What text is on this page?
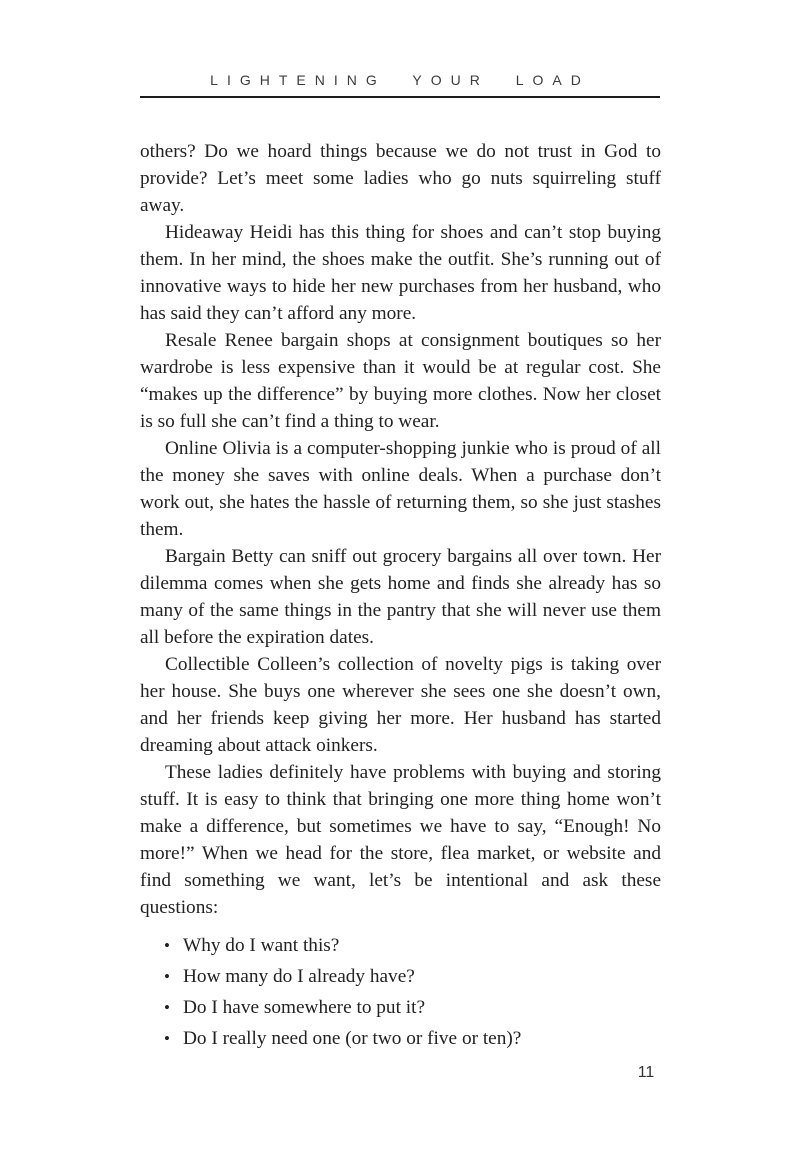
LIGHTENING YOUR LOAD

others? Do we hoard things because we do not trust in God to provide? Let’s meet some ladies who go nuts squirreling stuff away.

Hideaway Heidi has this thing for shoes and can’t stop buying them. In her mind, the shoes make the outfit. She’s running out of innovative ways to hide her new purchases from her husband, who has said they can’t afford any more.

Resale Renee bargain shops at consignment boutiques so her wardrobe is less expensive than it would be at regular cost. She “makes up the difference” by buying more clothes. Now her closet is so full she can’t find a thing to wear.

Online Olivia is a computer-shopping junkie who is proud of all the money she saves with online deals. When a purchase don’t work out, she hates the hassle of returning them, so she just stashes them.

Bargain Betty can sniff out grocery bargains all over town. Her dilemma comes when she gets home and finds she already has so many of the same things in the pantry that she will never use them all before the expiration dates.

Collectible Colleen’s collection of novelty pigs is taking over her house. She buys one wherever she sees one she doesn’t own, and her friends keep giving her more. Her husband has started dreaming about attack oinkers.

These ladies definitely have problems with buying and storing stuff. It is easy to think that bringing one more thing home won’t make a difference, but sometimes we have to say, “Enough! No more!” When we head for the store, flea market, or website and find something we want, let’s be intentional and ask these questions:

• Why do I want this?
• How many do I already have?
• Do I have somewhere to put it?
• Do I really need one (or two or five or ten)?
11
